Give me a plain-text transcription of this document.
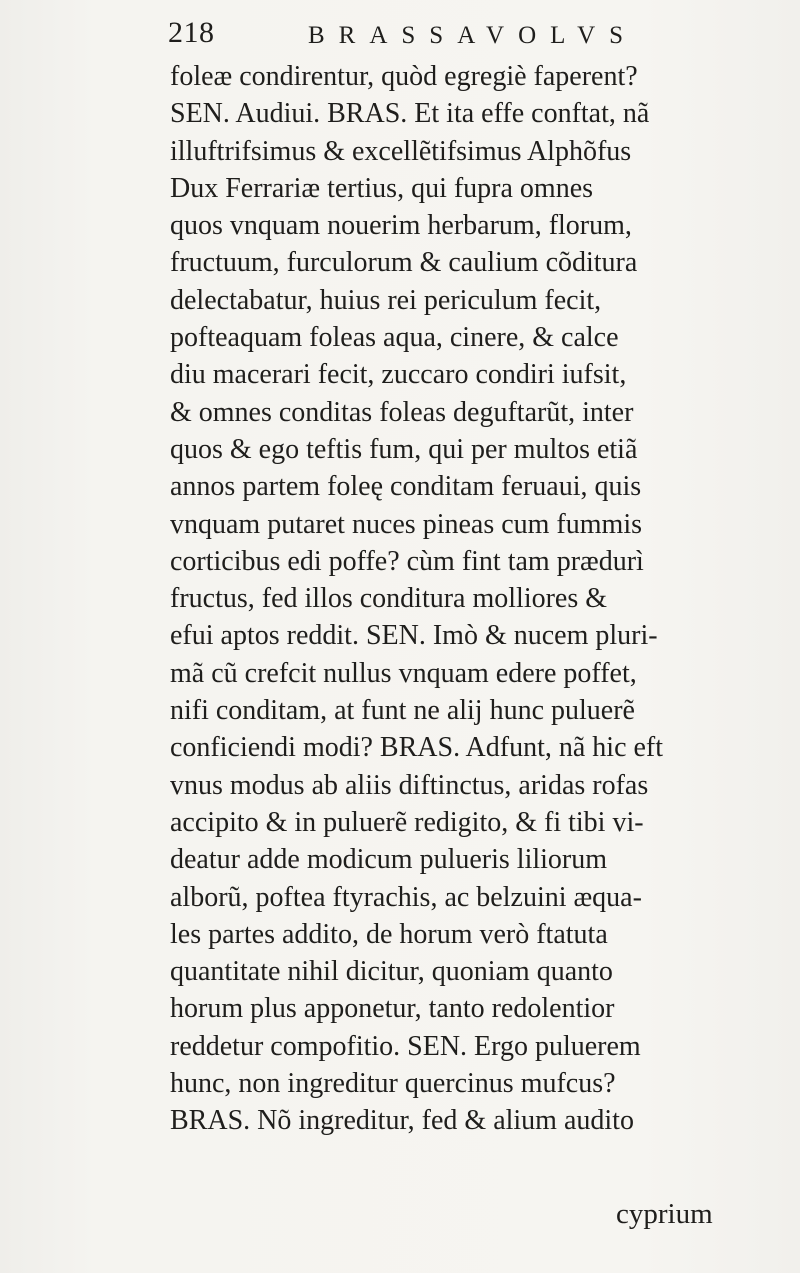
218	BRASSAVOLVS
foleæ condirentur, quòd egregiè faperent?
SEN. Audiui. BRAS. Et ita effe conftat, nã
illuftrifsimus & excellẽtifsimus Alphõfus
Dux Ferrariæ tertius, qui fupra omnes
quos vnquam nouerim herbarum, florum,
fructuum, furculorum & caulium cõditura
delectabatur, huius rei periculum fecit,
pofteaquam foleas aqua, cinere, & calce
diu macerari fecit, zuccaro condiri iufsit,
& omnes conditas foleas deguftarũt, inter
quos & ego teftis fum, qui per multos etiã
annos partem foleę conditam feruaui, quis
vnquam putaret nuces pineas cum fummis
corticibus edi poffe? cùm fint tam prædurì
fructus, fed illos conditura molliores &
efui aptos reddit. SEN. Imò & nucem pluri-
mã cũ crefcit nullus vnquam edere poffet,
nifi conditam, at funt ne alij hunc puluerẽ
conficiendi modi? BRAS. Adfunt, nã hic eft
vnus modus ab aliis diftinctus, aridas rofas
accipito & in puluerẽ redigito, & fi tibi vi-
deatur adde modicum pulueris liliorum
alborũ, poftea ftyrachis, ac belzuini æqua-
les partes addito, de horum verò ftatuta
quantitate nihil dicitur, quoniam quanto
horum plus apponetur, tanto redolentior
reddetur compofitio. SEN. Ergo puluerem
hunc, non ingreditur quercinus mufcus?
BRAS. Nõ ingreditur, fed & alium audito
cyprium
